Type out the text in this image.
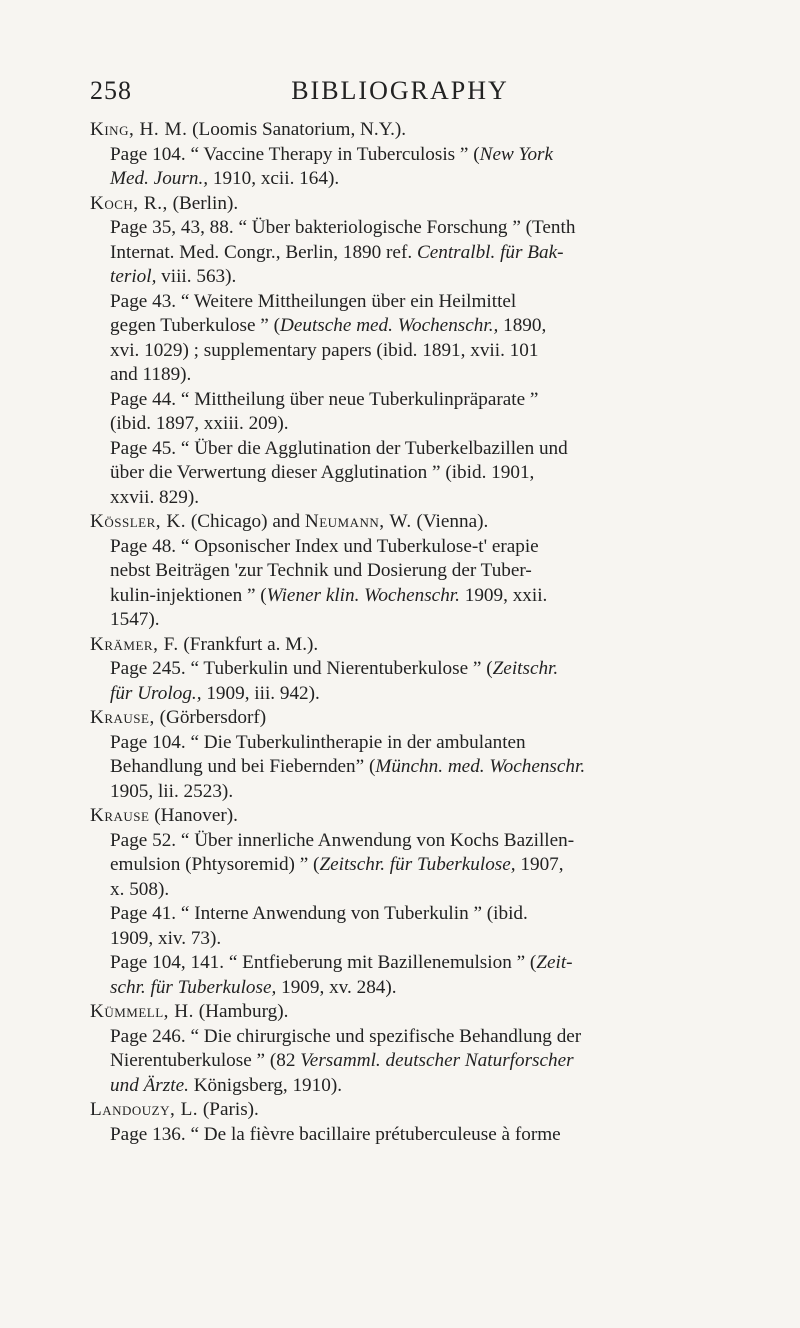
258	BIBLIOGRAPHY
King, H. M. (Loomis Sanatorium, N.Y.).
Page 104. “ Vaccine Therapy in Tuberculosis ” (New York
Med. Journ., 1910, xcii. 164).
Koch, R., (Berlin).
Page 35, 43, 88. “ Über bakteriologische Forschung ” (Tenth
Internat. Med. Congr., Berlin, 1890 ref. Centralbl. für Bak-
teriol, viii. 563).
Page 43. “ Weitere Mittheilungen über ein Heilmittel
gegen Tuberkulose ” (Deutsche med. Wochenschr., 1890,
xvi. 1029) ; supplementary papers (ibid. 1891, xvii. 101
and 1189).
Page 44. “ Mittheilung über neue Tuberkulinpräparate ”
(ibid. 1897, xxiii. 209).
Page 45. “ Über die Agglutination der Tuberkelbazillen und
über die Verwertung dieser Agglutination ” (ibid. 1901,
xxvii. 829).
Kössler, K. (Chicago) and Neumann, W. (Vienna).
Page 48. “ Opsonischer Index und Tuberkulose-t' erapie
nebst Beiträgen 'zur Technik und Dosierung der Tuber-
kulin-injektionen ” (Wiener klin. Wochenschr. 1909, xxii.
1547).
Krämer, F. (Frankfurt a. M.).
Page 245. “ Tuberkulin und Nierentuberkulose ” (Zeitschr.
für Urolog., 1909, iii. 942).
Krause, (Görbersdorf)
Page 104. “ Die Tuberkulintherapie in der ambulanten
Behandlung und bei Fiebernden” (Münchn. med. Wochenschr.
1905, lii. 2523).
Krause (Hanover).
Page 52. “ Über innerliche Anwendung von Kochs Bazillen-
emulsion (Phtysoremid) ” (Zeitschr. für Tuberkulose, 1907,
x. 508).
Page 41. “ Interne Anwendung von Tuberkulin ” (ibid.
1909, xiv. 73).
Page 104, 141. “ Entfieberung mit Bazillenemulsion ” (Zeit-
schr. für Tuberkulose, 1909, xv. 284).
Kümmell, H. (Hamburg).
Page 246. “ Die chirurgische und spezifische Behandlung der
Nierentuberkulose ” (82 Versamml. deutscher Naturforscher
und Ärzte. Königsberg, 1910).
Landouzy, L. (Paris).
Page 136. “ De la fièvre bacillaire prétuberculeuse à forme
